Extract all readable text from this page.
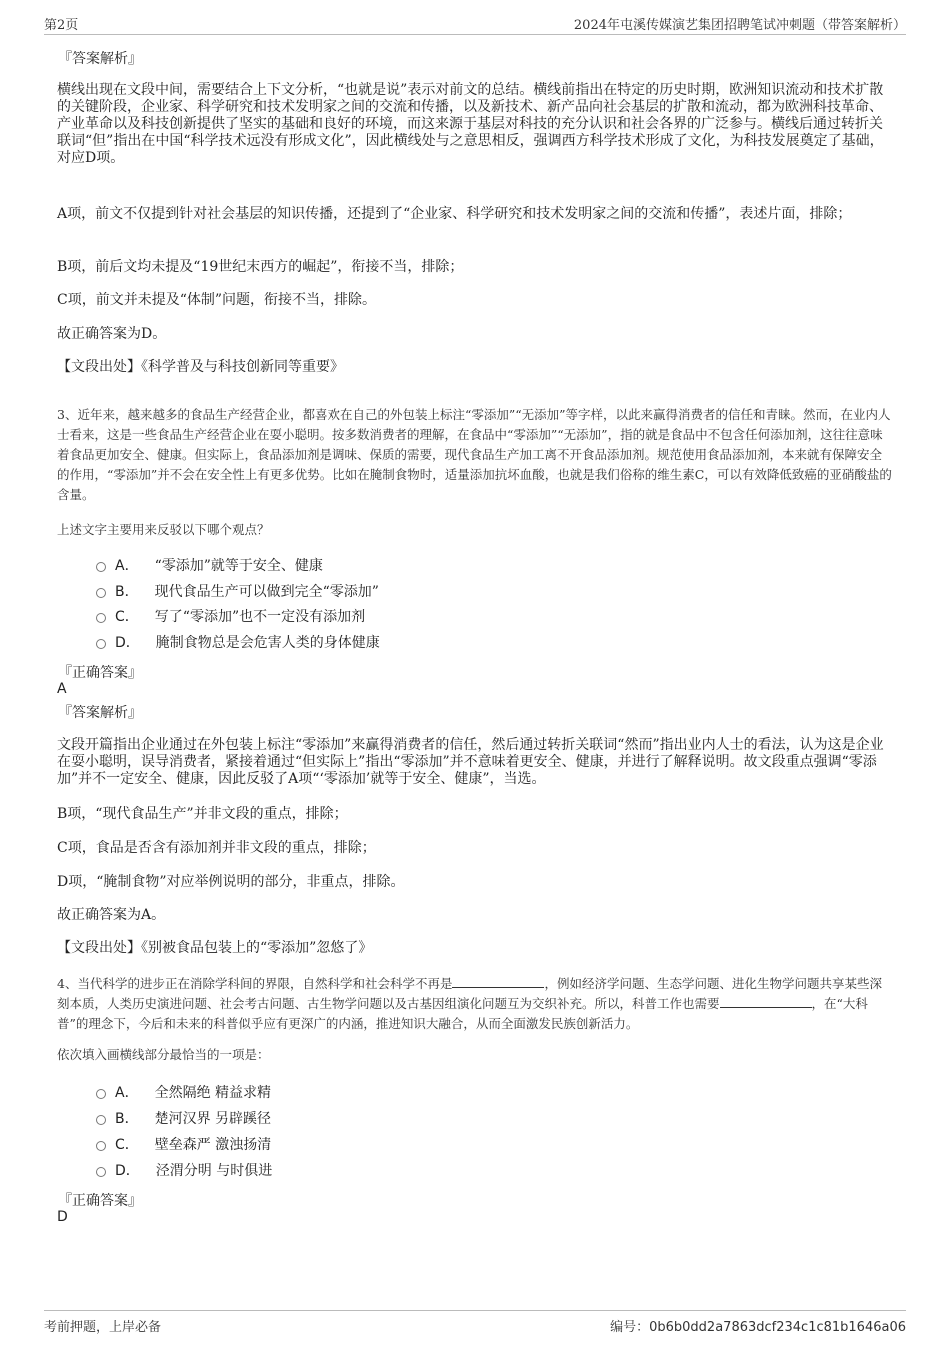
第2页	2024年屯溪传媒演艺集团招聘笔试冲刺题（带答案解析）
『答案解析』
横线出现在文段中间，需要结合上下文分析，“也就是说”表示对前文的总结。横线前指出在特定的历史时期，欧洲知识流动和技术扩散的关键阶段，企业家、科学研究和技术发明家之间的交流和传播，以及新技术、新产品向社会基层的扩散和流动，都为欧洲科技革命、产业革命以及科技创新提供了坚实的基础和良好的环境，而这来源于基层对科技的充分认识和社会各界的广泛参与。横线后通过转折关联词“但”指出在中国“科学技术远没有形成文化”，因此横线处与之意思相反，强调西方科学技术形成了文化，为科技发展奠定了基础，对应D项。
A项，前文不仅提到针对社会基层的知识传播，还提到了“企业家、科学研究和技术发明家之间的交流和传播”，表述片面，排除；
B项，前后文均未提及“19世纪末西方的崛起”，衔接不当，排除；
C项，前文并未提及“体制”问题，衔接不当，排除。
故正确答案为D。
【文段出处】《科学普及与科技创新同等重要》
3、近年来，越来越多的食品生产经营企业，都喜欢在自己的外包装上标注“零添加”“无添加”等字样，以此来赢得消费者的信任和青睐。然而，在业内人士看来，这是一些食品生产经营企业在耍小聪明。按多数消费者的理解，在食品中“零添加”“无添加”，指的就是食品中不包含任何添加剂，这往往意味着食品更加安全、健康。但实际上，食品添加剂是调味、保质的需要，现代食品生产加工离不开食品添加剂。规范使用食品添加剂，本来就有保障安全的作用，“零添加”并不会在安全性上有更多优势。比如在腌制食物时，适量添加抗坏血酸，也就是我们俗称的维生素C，可以有效降低致癌的亚硝酸盐的含量。
上述文字主要用来反驳以下哪个观点？
A． “零添加”就等于安全、健康
B． 现代食品生产可以做到完全“零添加”
C． 写了“零添加”也不一定没有添加剂
D． 腌制食物总是会危害人类的身体健康
『正确答案』
A
『答案解析』
文段开篇指出企业通过在外包装上标注“零添加”来赢得消费者的信任，然后通过转折关联词“然而”指出业内人士的看法，认为这是企业在耍小聪明，误导消费者，紧接着通过“但实际上”指出“零添加”并不意味着更安全、健康，并进行了解释说明。故文段重点强调“零添加”并不一定安全、健康，因此反驳了A项“‘零添加’就等于安全、健康”，当选。
B项，“现代食品生产”并非文段的重点，排除；
C项，食品是否含有添加剂并非文段的重点，排除；
D项，“腌制食物”对应举例说明的部分，非重点，排除。
故正确答案为A。
【文段出处】《别被食品包装上的“零添加”忽悠了》
4、当代科学的进步正在消除学科间的界限，自然科学和社会科学不再是	，例如经济学问题、生态学问题、进化生物学问题共享某些深刻本质，人类历史演进问题、社会考古问题、古生物学问题以及古基因组演化问题互为交织补充。所以，科普工作也需要	，在“大科普”的理念下，今后和未来的科普似乎应有更深广的内涵，推进知识大融合，从而全面激发民族创新活力。
依次填入画横线部分最恰当的一项是：
A． 全然隔绝 精益求精
B． 楚河汉界 另辟蹊径
C． 壁垒森严 激浊扬清
D． 泾渭分明 与时俱进
『正确答案』
D
考前押题，上岸必备	编号：0b6b0dd2a7863dcf234c1c81b1646a06
